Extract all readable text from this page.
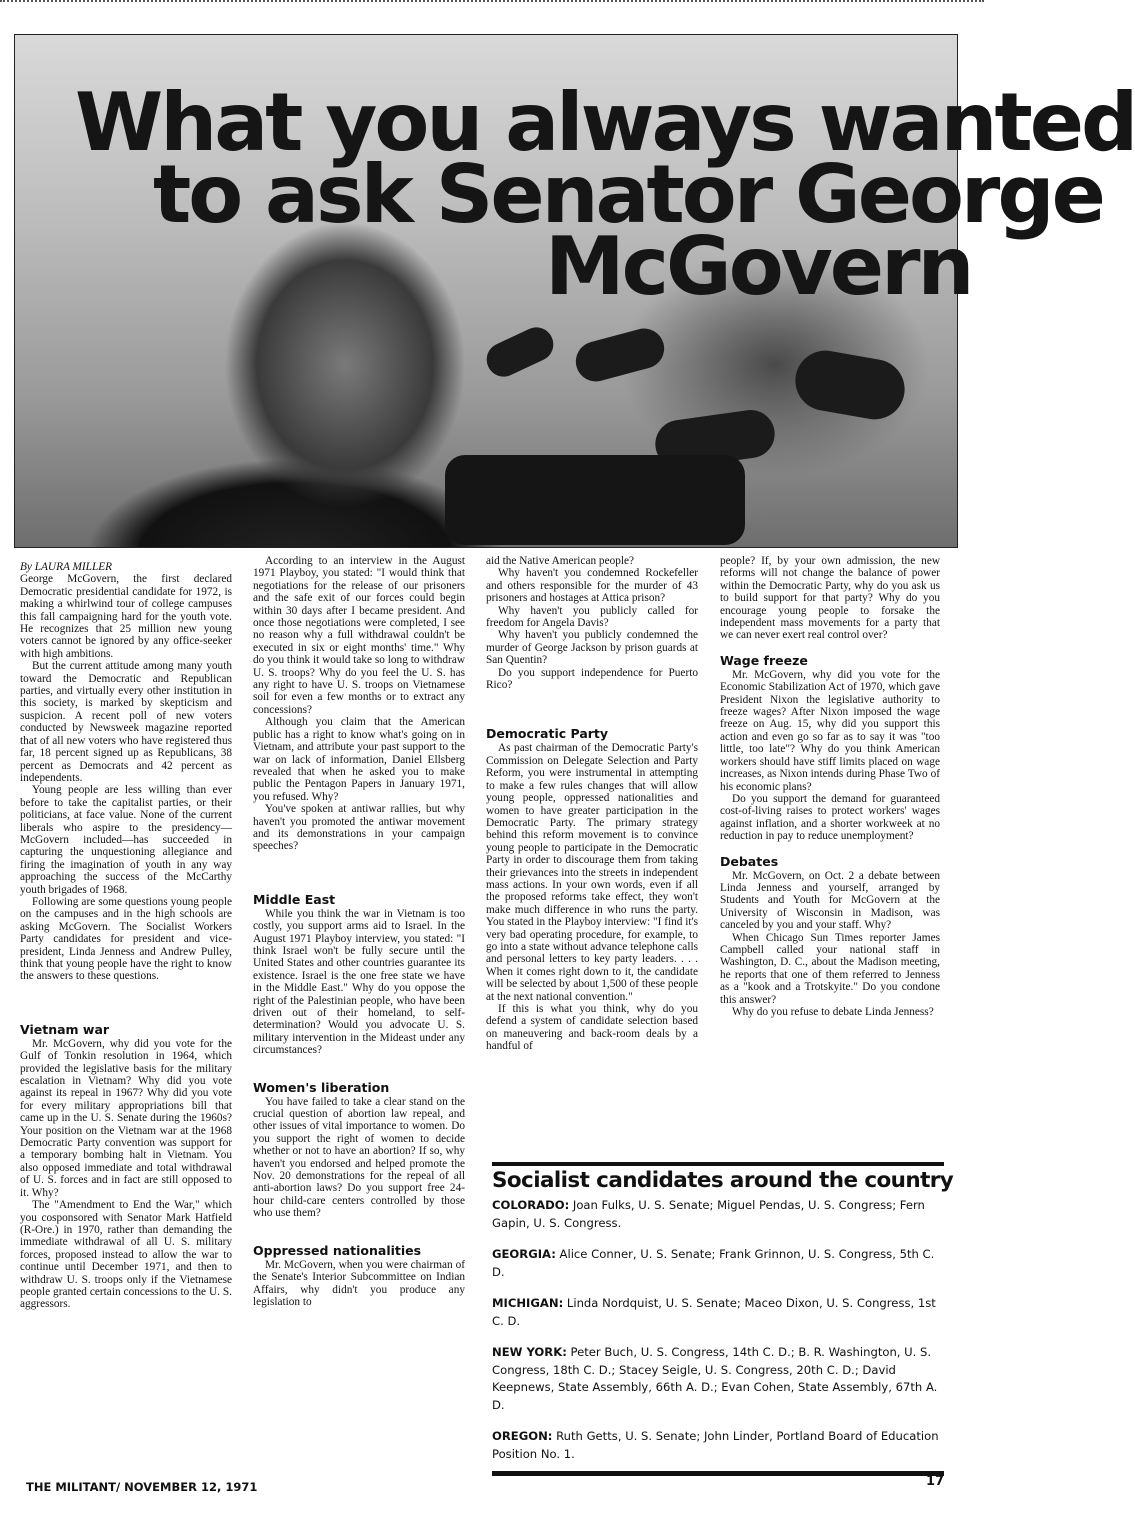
What you always wanted
to ask Senator George
McGovern
By LAURA MILLER

George McGovern, the first declared Democratic presidential candidate for 1972, is making a whirlwind tour of college campuses this fall campaigning hard for the youth vote. He recognizes that 25 million new young voters cannot be ignored by any office-seeker with high ambitions.

But the current attitude among many youth toward the Democratic and Republican parties, and virtually every other institution in this society, is marked by skepticism and suspicion. A recent poll of new voters conducted by Newsweek magazine reported that of all new voters who have registered thus far, 18 percent signed up as Republicans, 38 percent as Democrats and 42 percent as independents.

Young people are less willing than ever before to take the capitalist parties, or their politicians, at face value. None of the current liberals who aspire to the presidency—McGovern included—has succeeded in capturing the unquestioning allegiance and firing the imagination of youth in any way approaching the success of the McCarthy youth brigades of 1968.

Following are some questions young people on the campuses and in the high schools are asking McGovern. The Socialist Workers Party candidates for president and vice-president, Linda Jenness and Andrew Pulley, think that young people have the right to know the answers to these questions.

Vietnam war

Mr. McGovern, why did you vote for the Gulf of Tonkin resolution in 1964, which provided the legislative basis for the military escalation in Vietnam? Why did you vote against its repeal in 1967? Why did you vote for every military appropriations bill that came up in the U. S. Senate during the 1960s? Your position on the Vietnam war at the 1968 Democratic Party convention was support for a temporary bombing halt in Vietnam. You also opposed immediate and total withdrawal of U. S. forces and in fact are still opposed to it. Why?

The "Amendment to End the War," which you cosponsored with Senator Mark Hatfield (R-Ore.) in 1970, rather than demanding the immediate withdrawal of all U. S. military forces, proposed instead to allow the war to continue until December 1971, and then to withdraw U. S. troops only if the Vietnamese people granted certain concessions to the U. S. aggressors.

According to an interview in the August 1971 Playboy, you stated: "I would think that negotiations for the release of our prisoners and the safe exit of our forces could begin within 30 days after I became president. And once those negotiations were completed, I see no reason why a full withdrawal couldn't be executed in six or eight months' time." Why do you think it would take so long to withdraw U. S. troops? Why do you feel the U. S. has any right to have U. S. troops on Vietnamese soil for even a few months or to extract any concessions?

Although you claim that the American public has a right to know what's going on in Vietnam, and attribute your past support to the war on lack of information, Daniel Ellsberg revealed that when he asked you to make public the Pentagon Papers in January 1971, you refused. Why?

You've spoken at antiwar rallies, but why haven't you promoted the antiwar movement and its demonstrations in your campaign speeches?

Middle East

While you think the war in Vietnam is too costly, you support arms aid to Israel. In the August 1971 Playboy interview, you stated: "I think Israel won't be fully secure until the United States and other countries guarantee its existence. Israel is the one free state we have in the Middle East." Why do you oppose the right of the Palestinian people, who have been driven out of their homeland, to self-determination? Would you advocate U. S. military intervention in the Mideast under any circumstances?

Women's liberation

You have failed to take a clear stand on the crucial question of abortion law repeal, and other issues of vital importance to women. Do you support the right of women to decide whether or not to have an abortion? If so, why haven't you endorsed and helped promote the Nov. 20 demonstrations for the repeal of all anti-abortion laws? Do you support free 24-hour child-care centers controlled by those who use them?

Oppressed nationalities

Mr. McGovern, when you were chairman of the Senate's Interior Subcommittee on Indian Affairs, why didn't you produce any legislation to

aid the Native American people?

Why haven't you condemned Rockefeller and others responsible for the murder of 43 prisoners and hostages at Attica prison?

Why haven't you publicly called for freedom for Angela Davis?

Why haven't you publicly condemned the murder of George Jackson by prison guards at San Quentin?

Do you support independence for Puerto Rico?

Democratic Party

As past chairman of the Democratic Party's Commission on Delegate Selection and Party Reform, you were instrumental in attempting to make a few rules changes that will allow young people, oppressed nationalities and women to have greater participation in the Democratic Party. The primary strategy behind this reform movement is to convince young people to participate in the Democratic Party in order to discourage them from taking their grievances into the streets in independent mass actions. In your own words, even if all the proposed reforms take effect, they won't make much difference in who runs the party. You stated in the Playboy interview: "I find it's very bad operating procedure, for example, to go into a state without advance telephone calls and personal letters to key party leaders. . . . When it comes right down to it, the candidate will be selected by about 1,500 of these people at the next national convention."

If this is what you think, why do you defend a system of candidate selection based on maneuvering and back-room deals by a handful of

people? If, by your own admission, the new reforms will not change the balance of power within the Democratic Party, why do you ask us to build support for that party? Why do you encourage young people to forsake the independent mass movements for a party that we can never exert real control over?

Wage freeze

Mr. McGovern, why did you vote for the Economic Stabilization Act of 1970, which gave President Nixon the legislative authority to freeze wages? After Nixon imposed the wage freeze on Aug. 15, why did you support this action and even go so far as to say it was "too little, too late"? Why do you think American workers should have stiff limits placed on wage increases, as Nixon intends during Phase Two of his economic plans?

Do you support the demand for guaranteed cost-of-living raises to protect workers' wages against inflation, and a shorter workweek at no reduction in pay to reduce unemployment?

Debates

Mr. McGovern, on Oct. 2 a debate between Linda Jenness and yourself, arranged by Students and Youth for McGovern at the University of Wisconsin in Madison, was canceled by you and your staff. Why?

When Chicago Sun Times reporter James Campbell called your national staff in Washington, D. C., about the Madison meeting, he reports that one of them referred to Jenness as a "kook and a Trotskyite." Do you condone this answer?

Why do you refuse to debate Linda Jenness?

Socialist candidates around the country
COLORADO: Joan Fulks, U. S. Senate; Miguel Pendas, U. S. Congress; Fern Gapin, U. S. Congress.
GEORGIA: Alice Conner, U. S. Senate; Frank Grinnon, U. S. Congress, 5th C. D.
MICHIGAN: Linda Nordquist, U. S. Senate; Maceo Dixon, U. S. Congress, 1st C. D.
NEW YORK: Peter Buch, U. S. Congress, 14th C. D.; B. R. Washington, U. S. Congress, 18th C. D.; Stacey Seigle, U. S. Congress, 20th C. D.; David Keepnews, State Assembly, 66th A. D.; Evan Cohen, State Assembly, 67th A. D.
OREGON: Ruth Getts, U. S. Senate; John Linder, Portland Board of Education Position No. 1.
THE MILITANT/ NOVEMBER 12, 1971	17
